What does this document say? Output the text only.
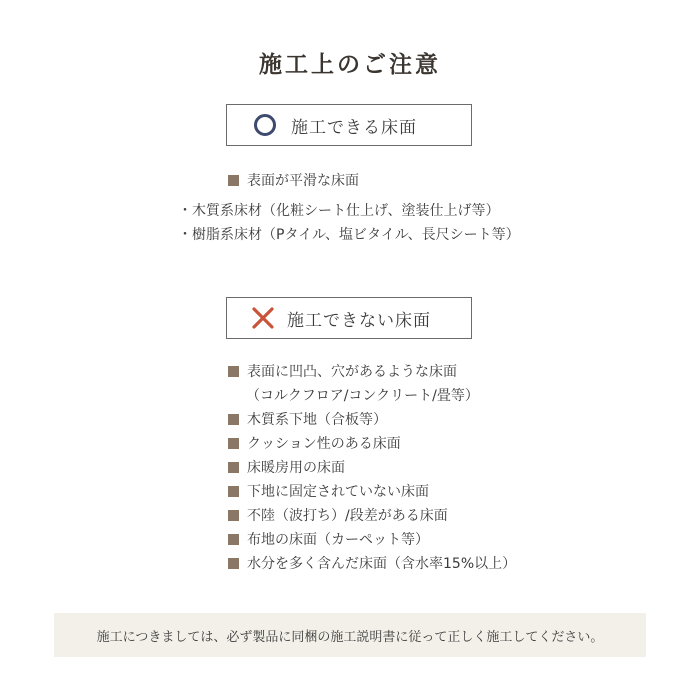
施工上のご注意
施工できる床面
表面が平滑な床面
・木質系床材（化粧シート仕上げ、塗装仕上げ等）
・樹脂系床材（Pタイル、塩ビタイル、長尺シート等）
施工できない床面
表面に凹凸、穴があるような床面
（コルクフロア/コンクリート/畳等）
木質系下地（合板等）
クッション性のある床面
床暖房用の床面
下地に固定されていない床面
不陸（波打ち）/段差がある床面
布地の床面（カーペット等）
水分を多く含んだ床面（含水率15%以上）
施工につきましては、必ず製品に同梱の施工説明書に従って正しく施工してください。
